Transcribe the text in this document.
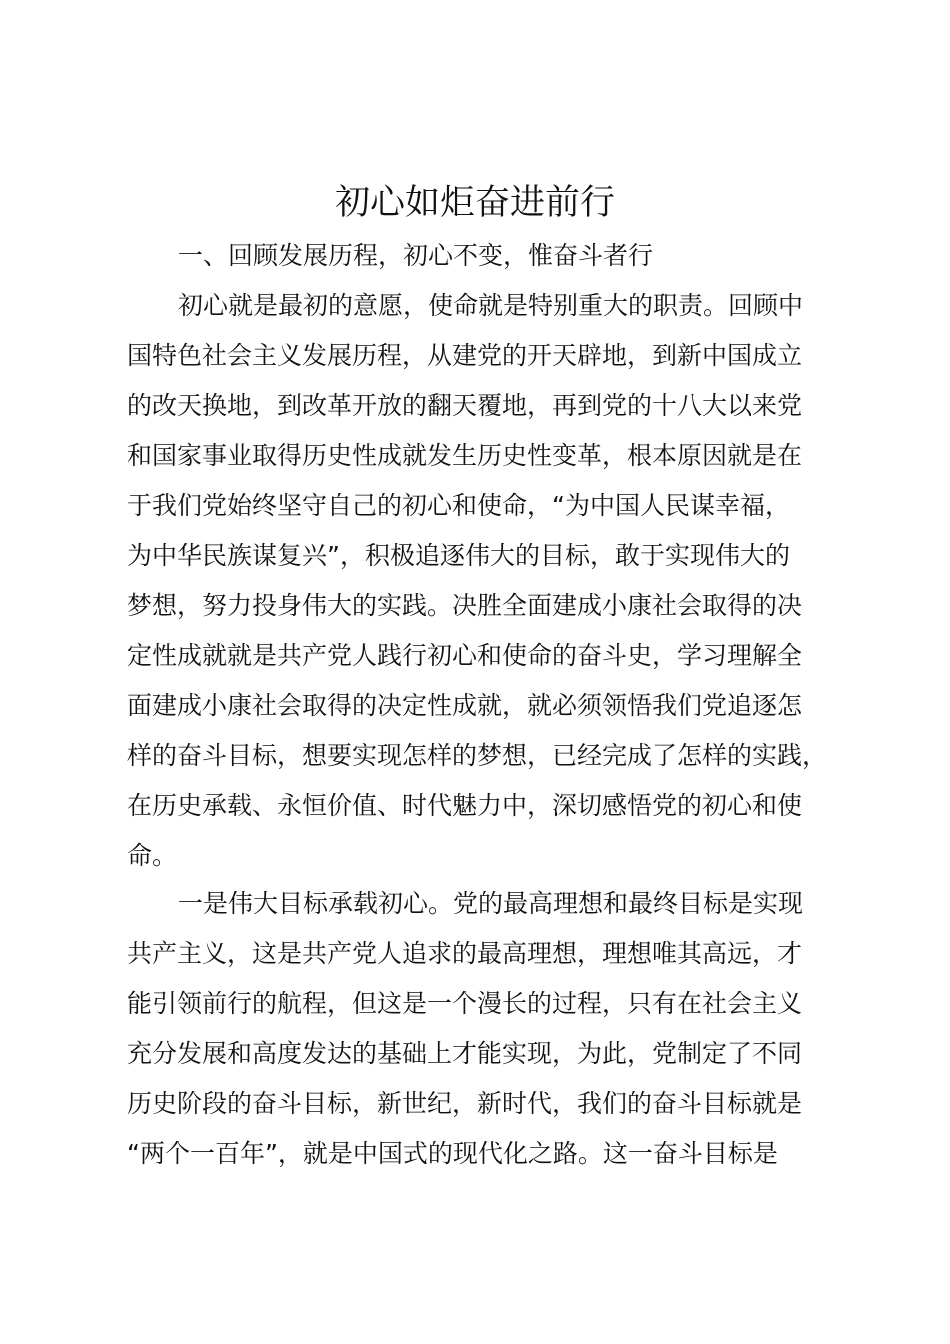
初心如炬奋进前行
一、回顾发展历程，初心不变，惟奋斗者行
初心就是最初的意愿，使命就是特别重大的职责。回顾中
国特色社会主义发展历程，从建党的开天辟地，到新中国成立
的改天换地，到改革开放的翻天覆地，再到党的十八大以来党
和国家事业取得历史性成就发生历史性变革，根本原因就是在
于我们党始终坚守自己的初心和使命，“为中国人民谋幸福，
为中华民族谋复兴”，积极追逐伟大的目标，敢于实现伟大的
梦想，努力投身伟大的实践。决胜全面建成小康社会取得的决
定性成就就是共产党人践行初心和使命的奋斗史，学习理解全
面建成小康社会取得的决定性成就，就必须领悟我们党追逐怎
样的奋斗目标，想要实现怎样的梦想，已经完成了怎样的实践，
在历史承载、永恒价值、时代魅力中，深切感悟党的初心和使
命。
一是伟大目标承载初心。党的最高理想和最终目标是实现
共产主义，这是共产党人追求的最高理想，理想唯其高远，才
能引领前行的航程，但这是一个漫长的过程，只有在社会主义
充分发展和高度发达的基础上才能实现，为此，党制定了不同
历史阶段的奋斗目标，新世纪，新时代，我们的奋斗目标就是
“两个一百年”，就是中国式的现代化之路。这一奋斗目标是
